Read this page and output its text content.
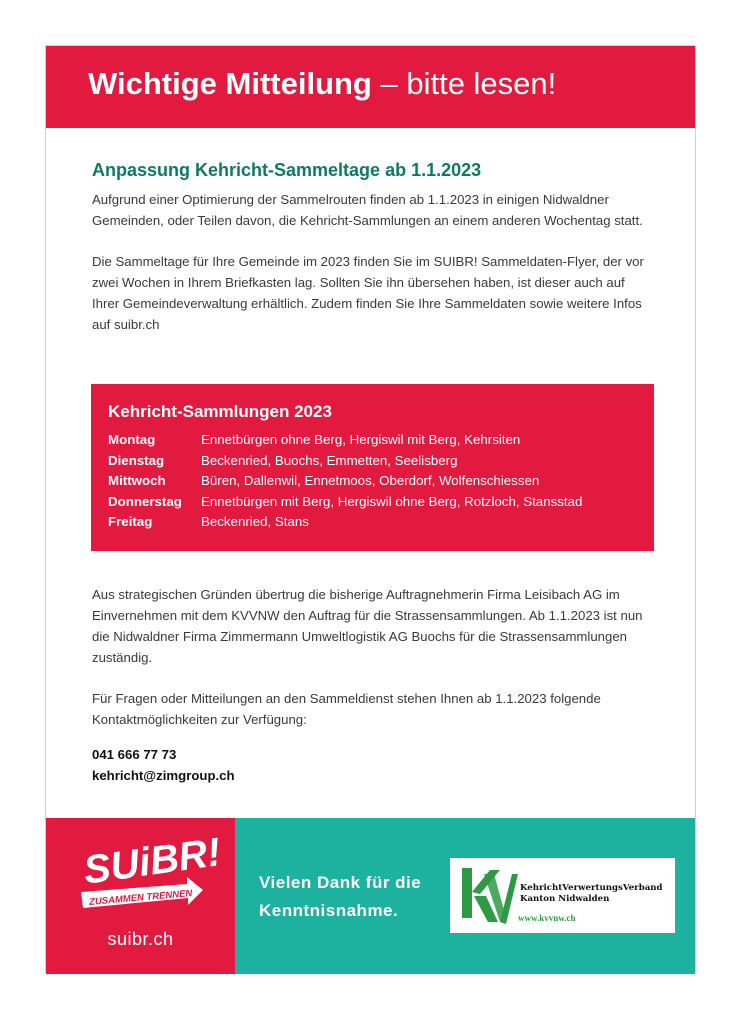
Wichtige Mitteilung – bitte lesen!
Anpassung Kehricht-Sammeltage ab 1.1.2023

Aufgrund einer Optimierung der Sammelrouten finden ab 1.1.2023 in einigen Nidwaldner Gemeinden, oder Teilen davon, die Kehricht-Sammlungen an einem anderen Wochentag statt.

Die Sammeltage für Ihre Gemeinde im 2023 finden Sie im SUIBR! Sammeldaten-Flyer, der vor zwei Wochen in Ihrem Briefkasten lag. Sollten Sie ihn übersehen haben, ist dieser auch auf Ihrer Gemeindeverwaltung erhältlich. Zudem finden Sie Ihre Sammeldaten sowie weitere Infos auf suibr.ch

Kehricht-Sammlungen 2023
Montag	Ennetbürgen ohne Berg, Hergiswil mit Berg, Kehrsiten
Dienstag	Beckenried, Buochs, Emmetten, Seelisberg
Mittwoch	Büren, Dallenwil, Ennetmoos, Oberdorf, Wolfenschiessen
Donnerstag	Ennetbürgen mit Berg, Hergiswil ohne Berg, Rotzloch, Stansstad
Freitag	Beckenried, Stans

Aus strategischen Gründen übertrug die bisherige Auftragnehmerin Firma Leisibach AG im Einvernehmen mit dem KVVNW den Auftrag für die Strassensammlungen. Ab 1.1.2023 ist nun die Nidwaldner Firma Zimmermann Umweltlogistik AG Buochs für die Strassensammlungen zuständig.

Für Fragen oder Mitteilungen an den Sammeldienst stehen Ihnen ab 1.1.2023 folgende Kontaktmöglichkeiten zur Verfügung:

041 666 77 73
kehricht@zimgroup.ch
SUiBR!
ZUSAMMEN TRENNEN
suibr.ch
Vielen Dank für die
Kenntnisnahme.
KehrichtVerwertungsVerband
Kanton Nidwalden
www.kvvnw.ch
